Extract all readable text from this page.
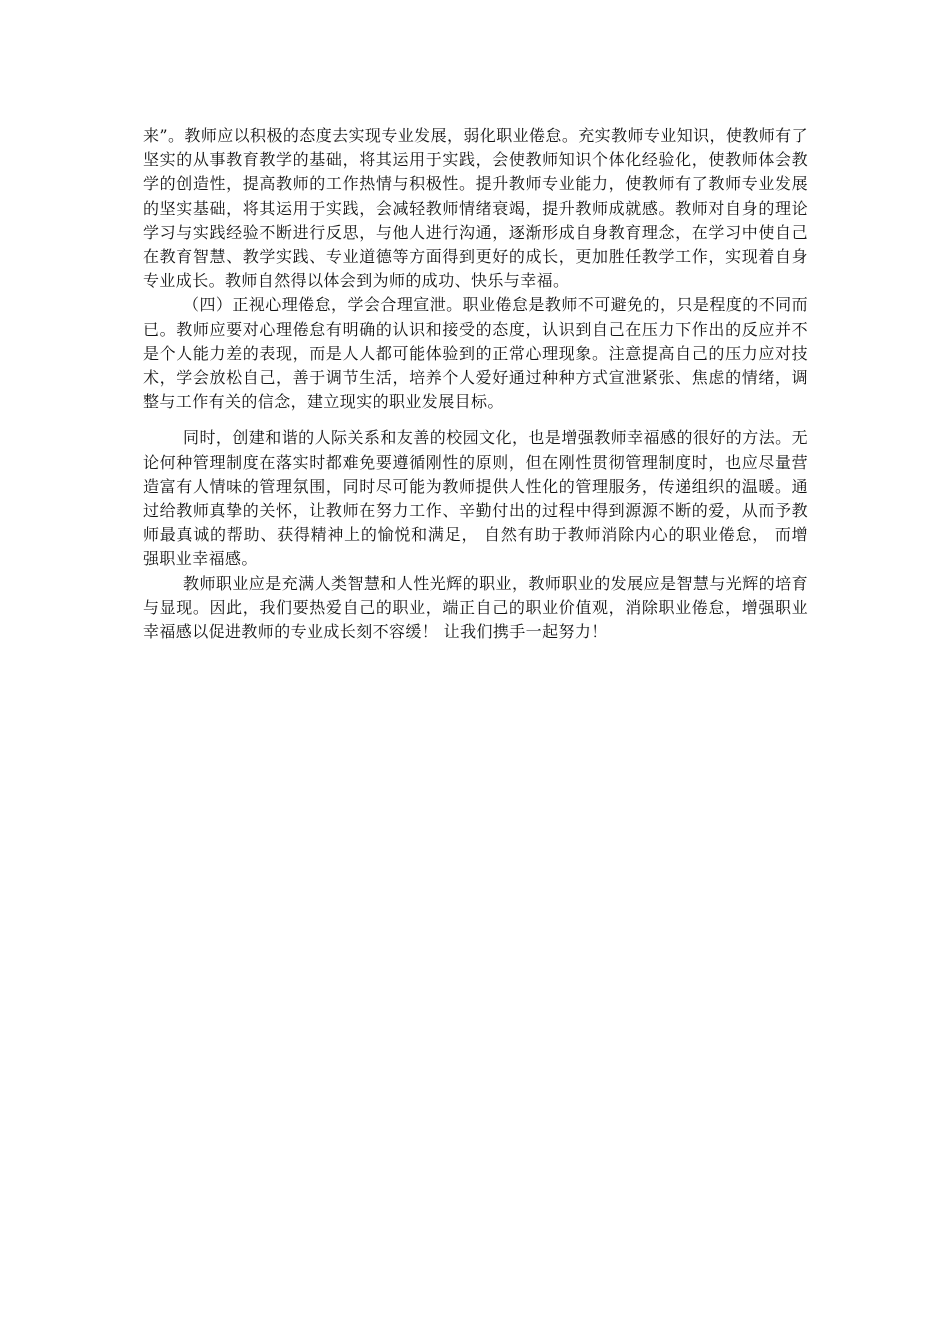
来”。教师应以积极的态度去实现专业发展，弱化职业倦怠。充实教师专业知识，使教师有了坚实的从事教育教学的基础，将其运用于实践，会使教师知识个体化经验化，使教师体会教学的创造性，提高教师的工作热情与积极性。提升教师专业能力，使教师有了教师专业发展的坚实基础，将其运用于实践，会减轻教师情绪衰竭，提升教师成就感。教师对自身的理论学习与实践经验不断进行反思，与他人进行沟通，逐渐形成自身教育理念，在学习中使自己在教育智慧、教学实践、专业道德等方面得到更好的成长，更加胜任教学工作，实现着自身专业成长。教师自然得以体会到为师的成功、快乐与幸福。

（四）正视心理倦怠，学会合理宣泄。职业倦怠是教师不可避免的，只是程度的不同而已。教师应要对心理倦怠有明确的认识和接受的态度，认识到自己在压力下作出的反应并不是个人能力差的表现，而是人人都可能体验到的正常心理现象。注意提高自己的压力应对技术，学会放松自己，善于调节生活，培养个人爱好通过种种方式宣泄紧张、焦虑的情绪，调整与工作有关的信念，建立现实的职业发展目标。

同时，创建和谐的人际关系和友善的校园文化，也是增强教师幸福感的很好的方法。无论何种管理制度在落实时都难免要遵循刚性的原则，但在刚性贯彻管理制度时，也应尽量营造富有人情味的管理氛围，同时尽可能为教师提供人性化的管理服务，传递组织的温暖。通过给教师真挚的关怀，让教师在努力工作、辛勤付出的过程中得到源源不断的爱，从而予教师最真诚的帮助、获得精神上的愉悦和满足， 自然有助于教师消除内心的职业倦怠， 而增强职业幸福感。

教师职业应是充满人类智慧和人性光辉的职业，教师职业的发展应是智慧与光辉的培育与显现。因此，我们要热爱自己的职业，端正自己的职业价值观，消除职业倦怠，增强职业幸福感以促进教师的专业成长刻不容缓！ 让我们携手一起努力！
